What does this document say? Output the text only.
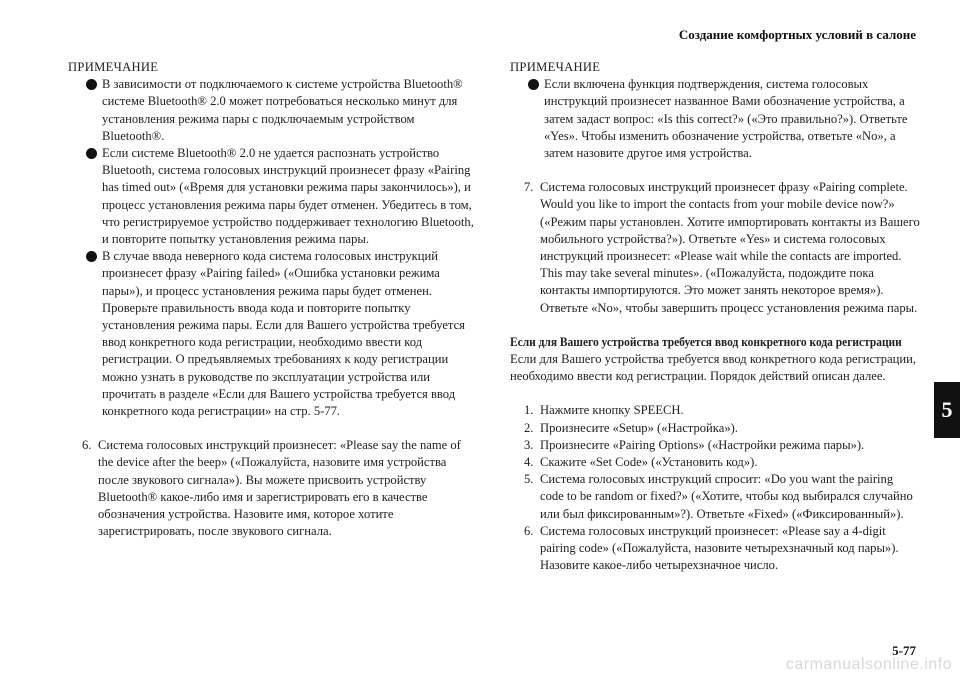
Создание комфортных условий в салоне

ПРИМЕЧАНИЕ

В зависимости от подключаемого к системе устройства Bluetooth® системе Bluetooth® 2.0 может потребоваться несколько минут для установления режима пары с подключаемым устройством Bluetooth®.

Если системе Bluetooth® 2.0 не удается распознать устройство Bluetooth, система голосовых инструкций произнесет фразу «Pairing has timed out» («Время для установки режима пары закончилось»), и процесс установления режима пары будет отменен. Убедитесь в том, что регистрируемое устройство поддерживает технологию Bluetooth, и повторите попытку установления режима пары.

В случае ввода неверного кода система голосовых инструкций произнесет фразу «Pairing failed» («Ошибка установки режима пары»), и процесс установления режима пары будет отменен. Проверьте правильность ввода кода и повторите попытку установления режима пары. Если для Вашего устройства требуется ввод конкретного кода регистрации, необходимо ввести код регистрации. О предъявляемых требованиях к коду регистрации можно узнать в руководстве по эксплуатации устройства или прочитать в разделе «Если для Вашего устройства требуется ввод конкретного кода регистрации» на стр. 5-77.

6. Система голосовых инструкций произнесет: «Please say the name of the device after the beep» («Пожалуйста, назовите имя устройства после звукового сигнала»). Вы можете присвоить устройству Bluetooth® какое-либо имя и зарегистрировать его в качестве обозначения устройства. Назовите имя, которое хотите зарегистрировать, после звукового сигнала.

ПРИМЕЧАНИЕ

Если включена функция подтверждения, система голосовых инструкций произнесет названное Вами обозначение устройства, а затем задаст вопрос: «Is this correct?» («Это правильно?»). Ответьте «Yes». Чтобы изменить обозначение устройства, ответьте «No», а затем назовите другое имя устройства.

7. Система голосовых инструкций произнесет фразу «Pairing complete. Would you like to import the contacts from your mobile device now?» («Режим пары установлен. Хотите импортировать контакты из Вашего мобильного устройства?»). Ответьте «Yes» и система голосовых инструкций произнесет: «Please wait while the contacts are imported. This may take several minutes». («Пожалуйста, подождите пока контакты импортируются. Это может занять некоторое время»). Ответьте «No», чтобы завершить процесс установления режима пары.

Если для Вашего устройства требуется ввод конкретного кода регистрации

Если для Вашего устройства требуется ввод конкретного кода регистрации, необходимо ввести код регистрации. Порядок действий описан далее.

1. Нажмите кнопку SPEECH.

2. Произнесите «Setup» («Настройка»).

3. Произнесите «Pairing Options» («Настройки режима пары»).

4. Скажите «Set Code» («Установить код»).

5. Система голосовых инструкций спросит: «Do you want the pairing code to be random or fixed?» («Хотите, чтобы код выбирался случайно или был фиксированным»?). Ответьте «Fixed» («Фиксированный»).

6. Система голосовых инструкций произнесет: «Please say a 4-digit pairing code» («Пожалуйста, назовите четырехзначный код пары»). Назовите какое-либо четырехзначное число.

5
5-77
carmanualsonline.info
